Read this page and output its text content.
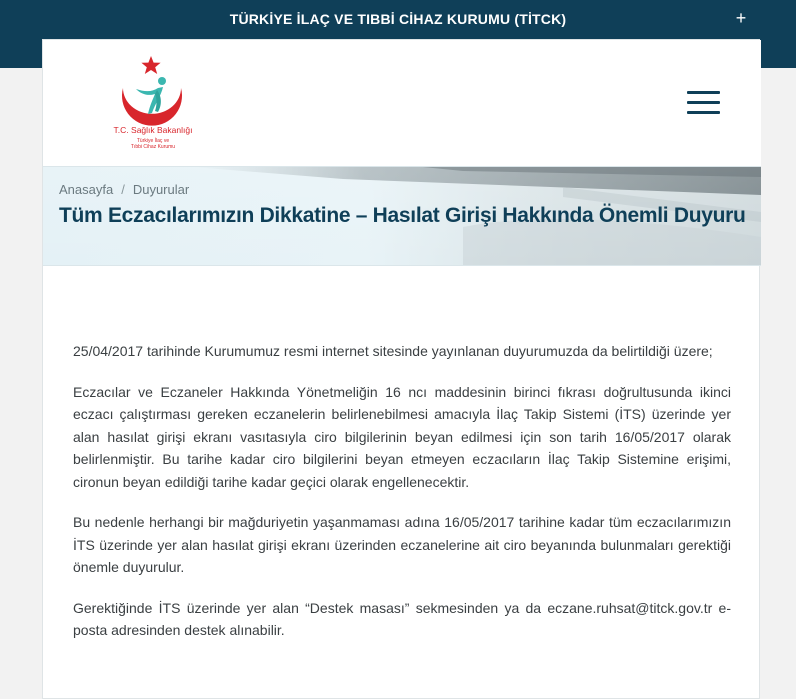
TÜRKİYE İLAÇ VE TIBBİ CİHAZ KURUMU (TİTCK)	+
T.C. Sağlık Bakanlığı
Türkiye İlaç ve
Tıbbi Cihaz Kurumu
Anasayfa / Duyurular
Tüm Eczacılarımızın Dikkatine – Hasılat Girişi Hakkında Önemli Duyuru

25/04/2017 tarihinde Kurumumuz resmi internet sitesinde yayınlanan duyurumuzda da belirtildiği üzere;

Eczacılar ve Eczaneler Hakkında Yönetmeliğin 16 ncı maddesinin birinci fıkrası doğrultusunda ikinci eczacı çalıştırması gereken eczanelerin belirlenebilmesi amacıyla İlaç Takip Sistemi (İTS) üzerinde yer alan hasılat girişi ekranı vasıtasıyla ciro bilgilerinin beyan edilmesi için son tarih 16/05/2017 olarak belirlenmiştir. Bu tarihe kadar ciro bilgilerini beyan etmeyen eczacıların İlaç Takip Sistemine erişimi, cironun beyan edildiği tarihe kadar geçici olarak engellenecektir.

Bu nedenle herhangi bir mağduriyetin yaşanmaması adına 16/05/2017 tarihine kadar tüm eczacılarımızın İTS üzerinde yer alan hasılat girişi ekranı üzerinden eczanelerine ait ciro beyanında bulunmaları gerektiği önemle duyurulur.

Gerektiğinde İTS üzerinde yer alan “Destek masası” sekmesinden ya da eczane.ruhsat@titck.gov.tr e-posta adresinden destek alınabilir.
